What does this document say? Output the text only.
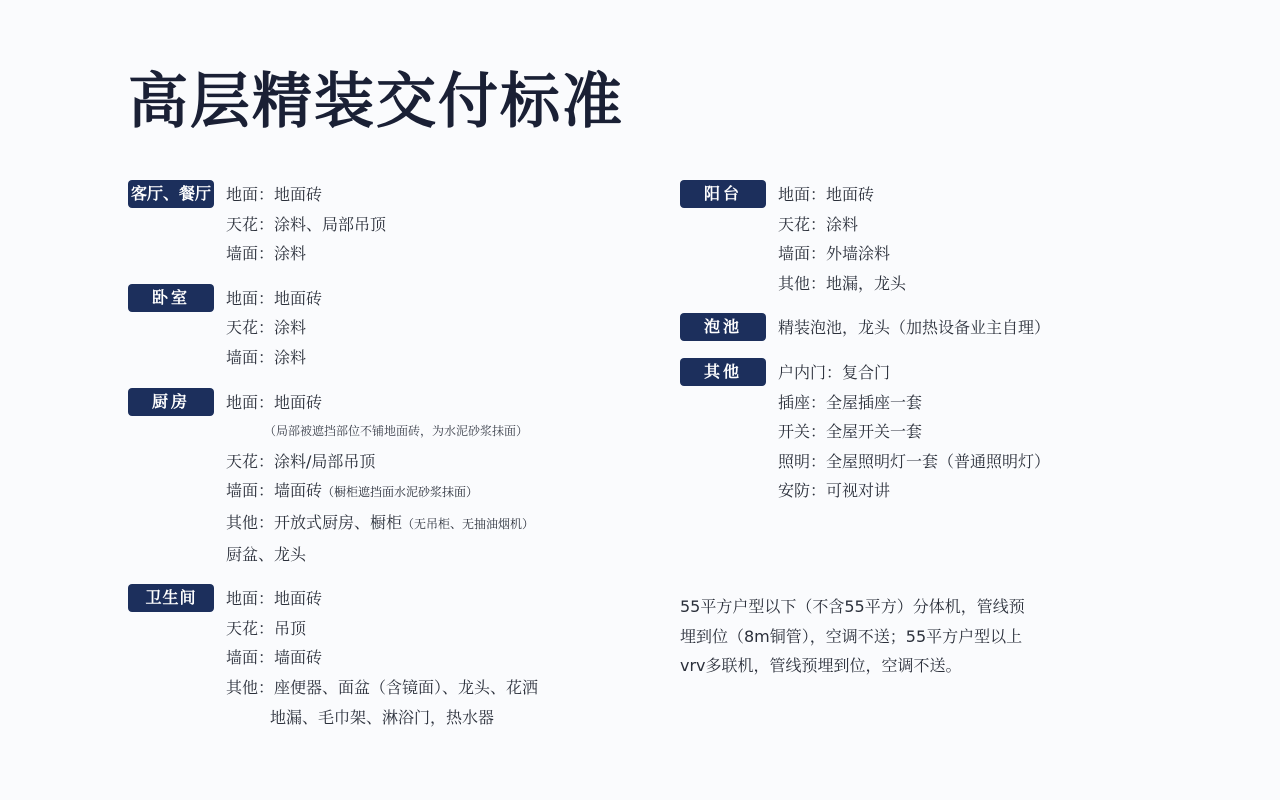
高层精装交付标准
客厅、餐厅 地面：地面砖
天花：涂料、局部吊顶
墙面：涂料
卧室	地面：地面砖
天花：涂料
墙面：涂料
厨房	地面：地面砖
（局部被遮挡部位不铺地面砖，为水泥砂浆抹面）
天花：涂料/局部吊顶
墙面：墙面砖（橱柜遮挡面水泥砂浆抹面）
其他：开放式厨房、橱柜（无吊柜、无抽油烟机）
厨盆、龙头
卫生间	地面：地面砖
天花：吊顶
墙面：墙面砖
其他：座便器、面盆（含镜面）、龙头、花洒
地漏、毛巾架、淋浴门，热水器
阳台	地面：地面砖
天花：涂料
墙面：外墙涂料
其他：地漏，龙头
泡池	精装泡池，龙头（加热设备业主自理）
其他	户内门：复合门
插座：全屋插座一套
开关：全屋开关一套
照明：全屋照明灯一套（普通照明灯）
安防：可视对讲
55平方户型以下（不含55平方）分体机，管线预
埋到位（8m铜管），空调不送；55平方户型以上
vrv多联机，管线预埋到位，空调不送。
